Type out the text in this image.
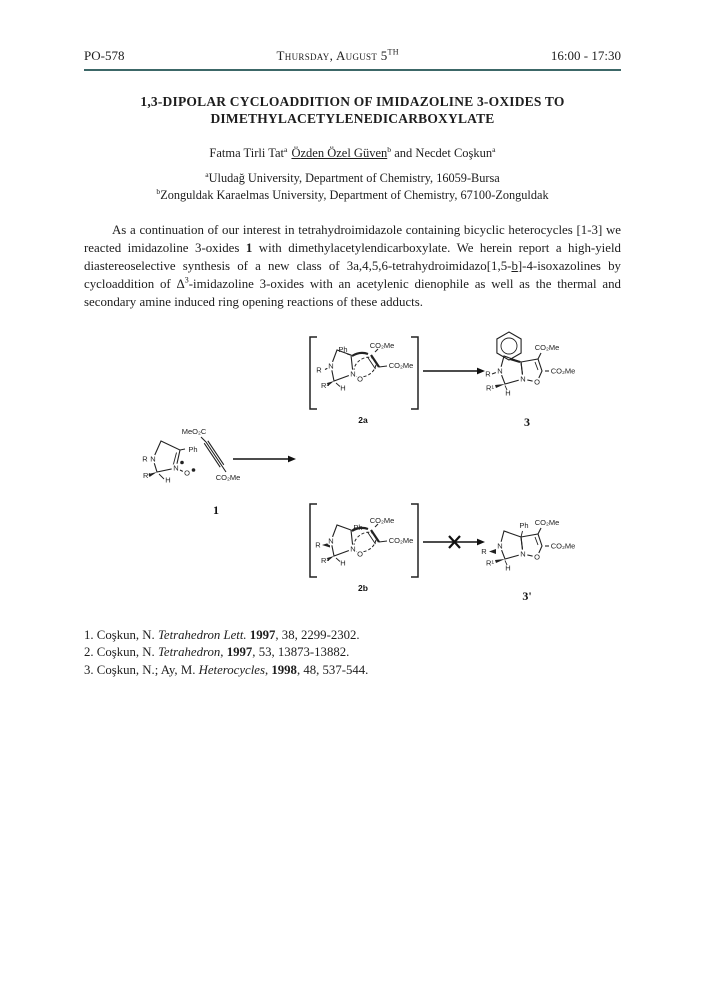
PO-578	Thursday, August 5TH	16:00 - 17:30
1,3-DIPOLAR CYCLOADDITION OF IMIDAZOLINE 3-OXIDES TO
DIMETHYLACETYLENEDICARBOXYLATE
Fatma Tirli Tat$^a$ Özden Özel Güven$^b$ and Necdet Coşkun$^a$
$^a$Uludağ University, Department of Chemistry, 16059-Bursa
$^b$Zonguldak Karaelmas University, Department of Chemistry, 67100-Zonguldak

As a continuation of our interest in tetrahydroimidazole containing bicyclic heterocycles [1-3] we reacted imidazoline 3-oxides 1 with dimethylacetylendicarboxylate. We herein report a high-yield diastereoselective synthesis of a new class of 3a,4,5,6-tetrahydroimidazo[1,5-b]-4-isoxazolines by cycloaddition of $\Delta^3$-imidazoline 3-oxides with an acetylenic dienophile as well as the thermal and secondary amine induced ring opening reactions of these adducts.

N
N
O
R
Ph
R¹ H
MeO₂C
CO₂Me
1
N
N
O
Ph
R
R¹ H
CO₂Me
CO₂Me
2a
N
N O
R
R¹
H
CO₂Me
CO₂Me
3
N
N
O
Ph
R
R¹ H
CO₂Me
CO₂Me
2b
N
N O
Ph
R
R¹
H
CO₂Me
CO₂Me
3'
1. Coşkun, N. Tetrahedron Lett. 1997, 38, 2299-2302.
2. Coşkun, N. Tetrahedron, 1997, 53, 13873-13882.
3. Coşkun, N.; Ay, M. Heterocycles, 1998, 48, 537-544.
